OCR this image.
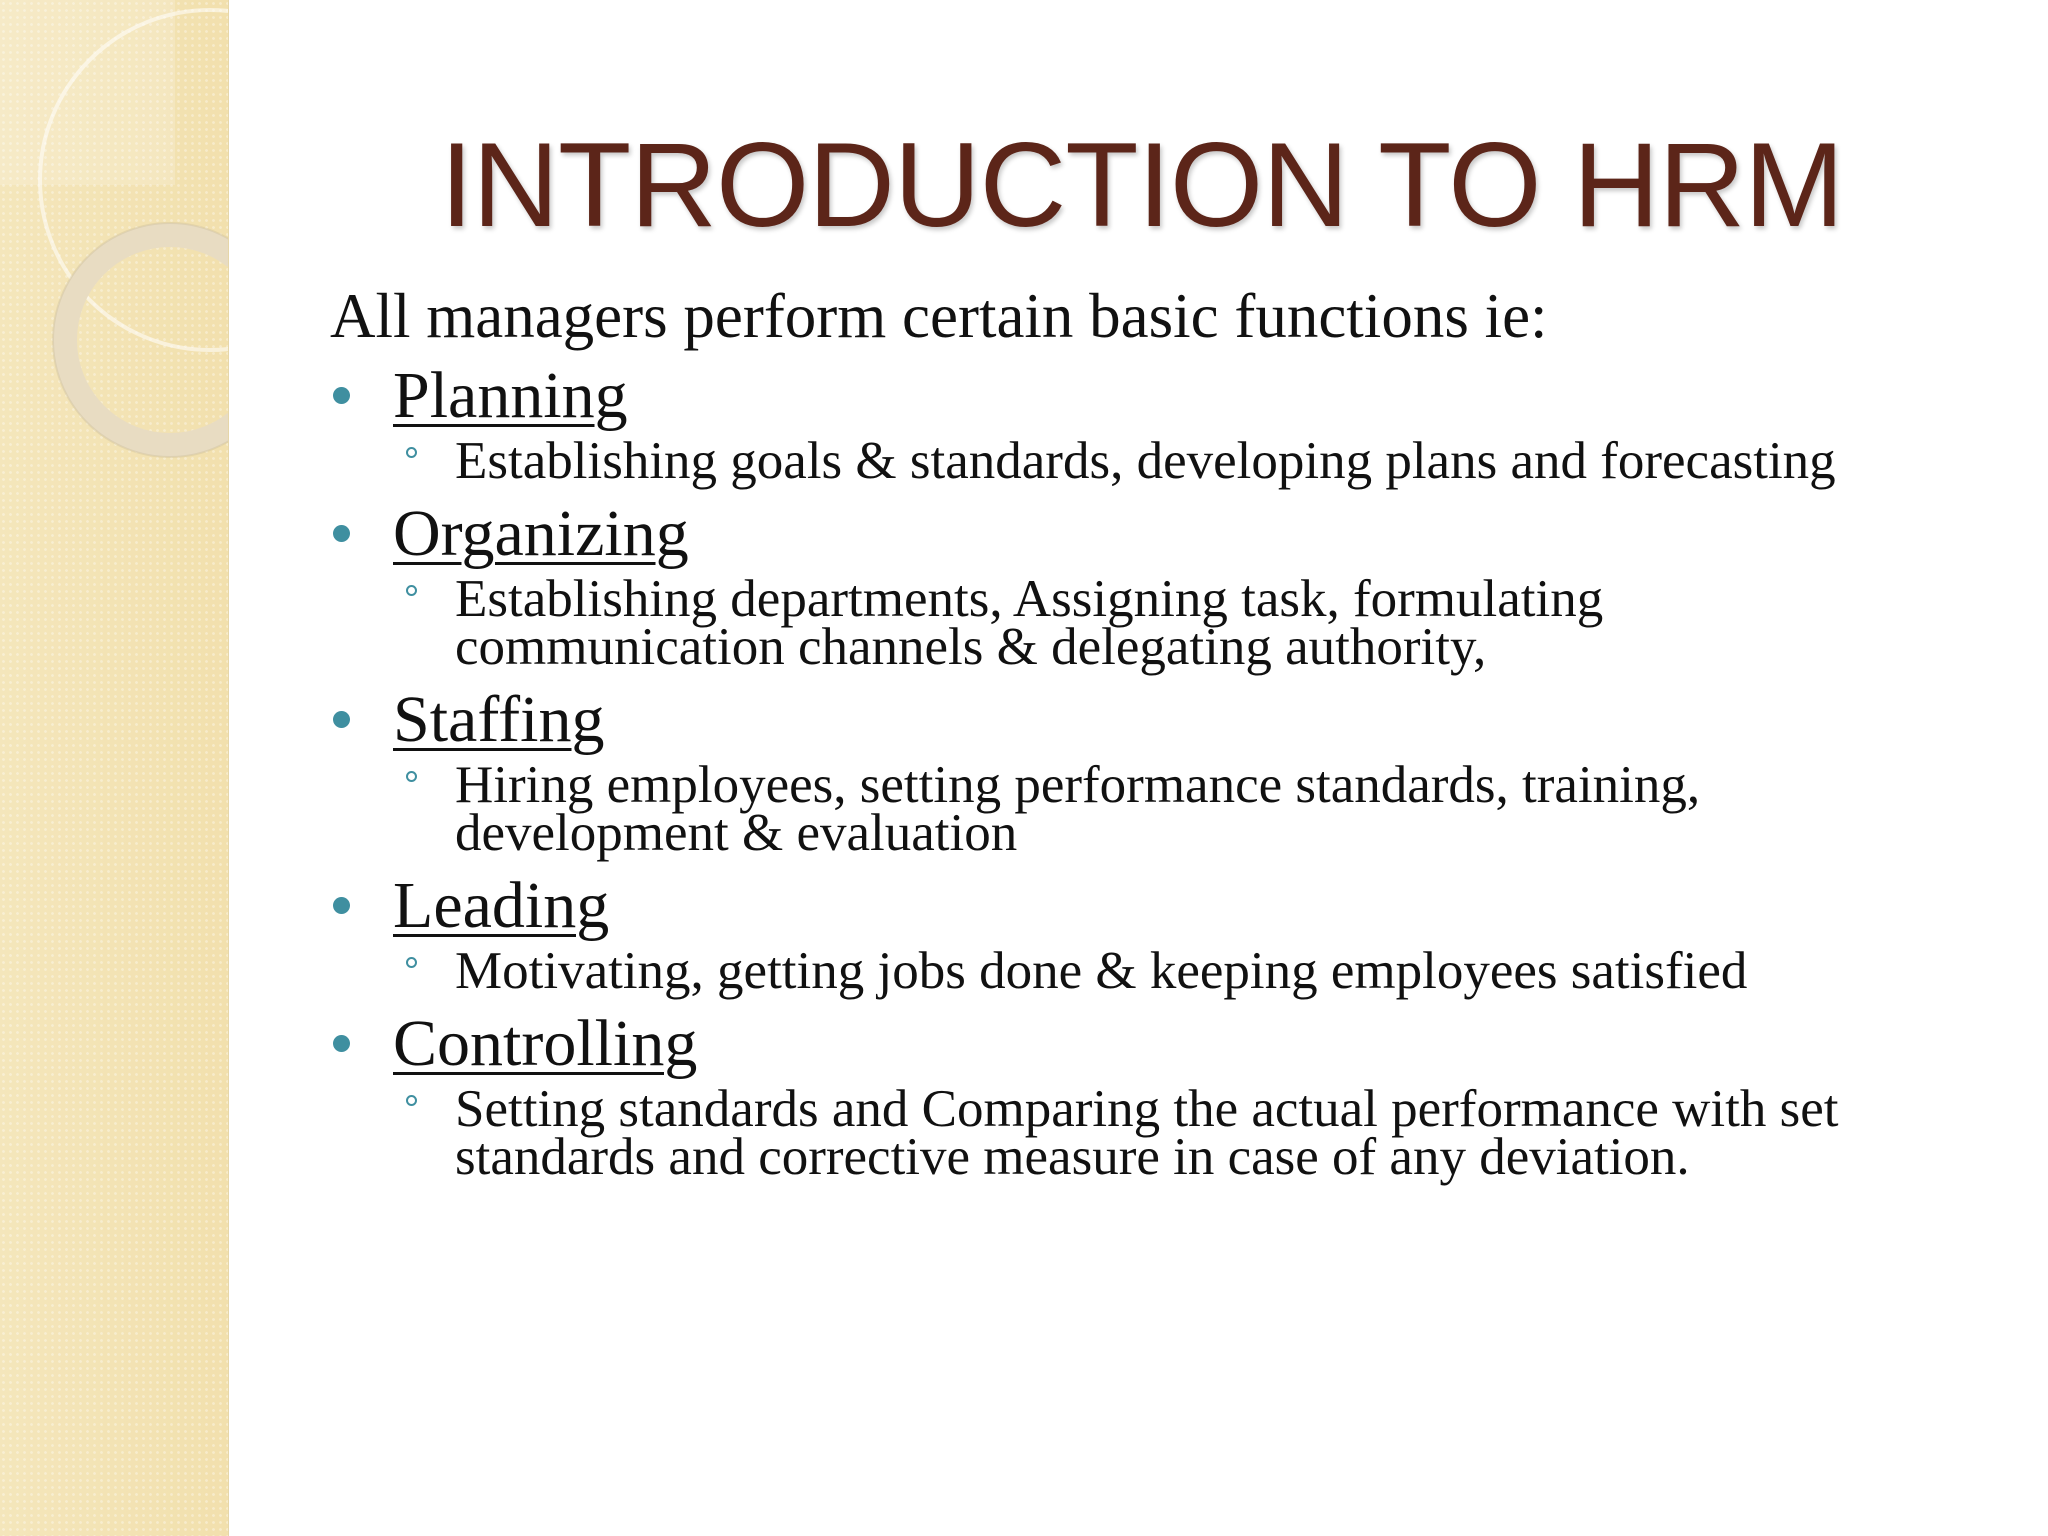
INTRODUCTION TO HRM
All managers perform certain basic functions ie:
Planning

Establishing goals & standards, developing plans and forecasting

Organizing

Establishing departments, Assigning task, formulating communication channels & delegating authority,

Staffing

Hiring employees, setting performance standards, training, development & evaluation

Leading

Motivating, getting jobs done & keeping employees satisfied

Controlling

Setting standards and Comparing the actual performance with set standards and corrective measure in case of any deviation.
